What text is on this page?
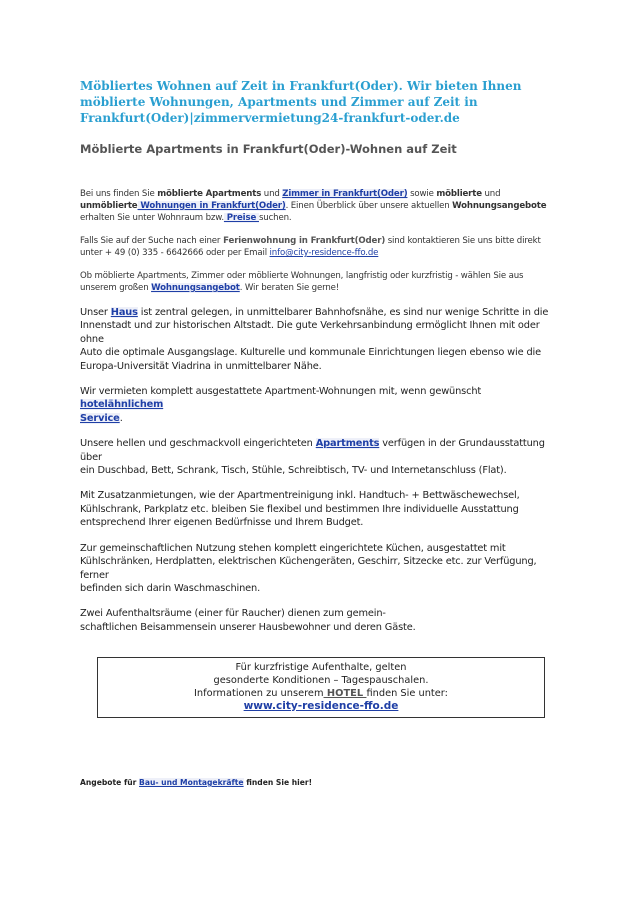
Möbliertes Wohnen auf Zeit in Frankfurt(Oder). Wir bieten Ihnen
möblierte Wohnungen, Apartments und Zimmer auf Zeit in
Frankfurt(Oder)|zimmervermietung24-frankfurt-oder.de
Möblierte Apartments in Frankfurt(Oder)-Wohnen auf Zeit

Bei uns finden Sie möblierte Apartments und Zimmer in Frankfurt(Oder) sowie möblierte und
unmöblierte Wohnungen in Frankfurt(Oder). Einen Überblick über unsere aktuellen Wohnungsangebote
erhalten Sie unter Wohnraum bzw. Preise suchen.

Falls Sie auf der Suche nach einer Ferienwohnung in Frankfurt(Oder) sind kontaktieren Sie uns bitte direkt
unter + 49 (0) 335 - 6642666 oder per Email info@city-residence-ffo.de

Ob möblierte Apartments, Zimmer oder möblierte Wohnungen, langfristig oder kurzfristig - wählen Sie aus
unserem großen Wohnungsangebot. Wir beraten Sie gerne!

Unser Haus ist zentral gelegen, in unmittelbarer Bahnhofsnähe, es sind nur wenige Schritte in die
Innenstadt und zur historischen Altstadt. Die gute Verkehrsanbindung ermöglicht Ihnen mit oder ohne
Auto die optimale Ausgangslage. Kulturelle und kommunale Einrichtungen liegen ebenso wie die
Europa-Universität Viadrina in unmittelbarer Nähe.

Wir vermieten komplett ausgestattete Apartment-Wohnungen mit, wenn gewünscht hotelähnlichem
Service.

Unsere hellen und geschmackvoll eingerichteten Apartments verfügen in der Grundausstattung über
ein Duschbad, Bett, Schrank, Tisch, Stühle, Schreibtisch, TV- und Internetanschluss (Flat).

Mit Zusatzanmietungen, wie der Apartmentreinigung inkl. Handtuch- + Bettwäschewechsel,
Kühlschrank, Parkplatz etc. bleiben Sie flexibel und bestimmen Ihre individuelle Ausstattung
entsprechend Ihrer eigenen Bedürfnisse und Ihrem Budget.

Zur gemeinschaftlichen Nutzung stehen komplett eingerichtete Küchen, ausgestattet mit
Kühlschränken, Herdplatten, elektrischen Küchengeräten, Geschirr, Sitzecke etc. zur Verfügung, ferner
befinden sich darin Waschmaschinen.

Zwei Aufenthaltsräume (einer für Raucher) dienen zum gemein-
schaftlichen Beisammensein unserer Hausbewohner und deren Gäste.

Für kurzfristige Aufenthalte, gelten

gesonderte Konditionen – Tagespauschalen.

Informationen zu unserem HOTEL finden Sie unter:

www.city-residence-ffo.de

Angebote für Bau- und Montagekräfte finden Sie hier!
